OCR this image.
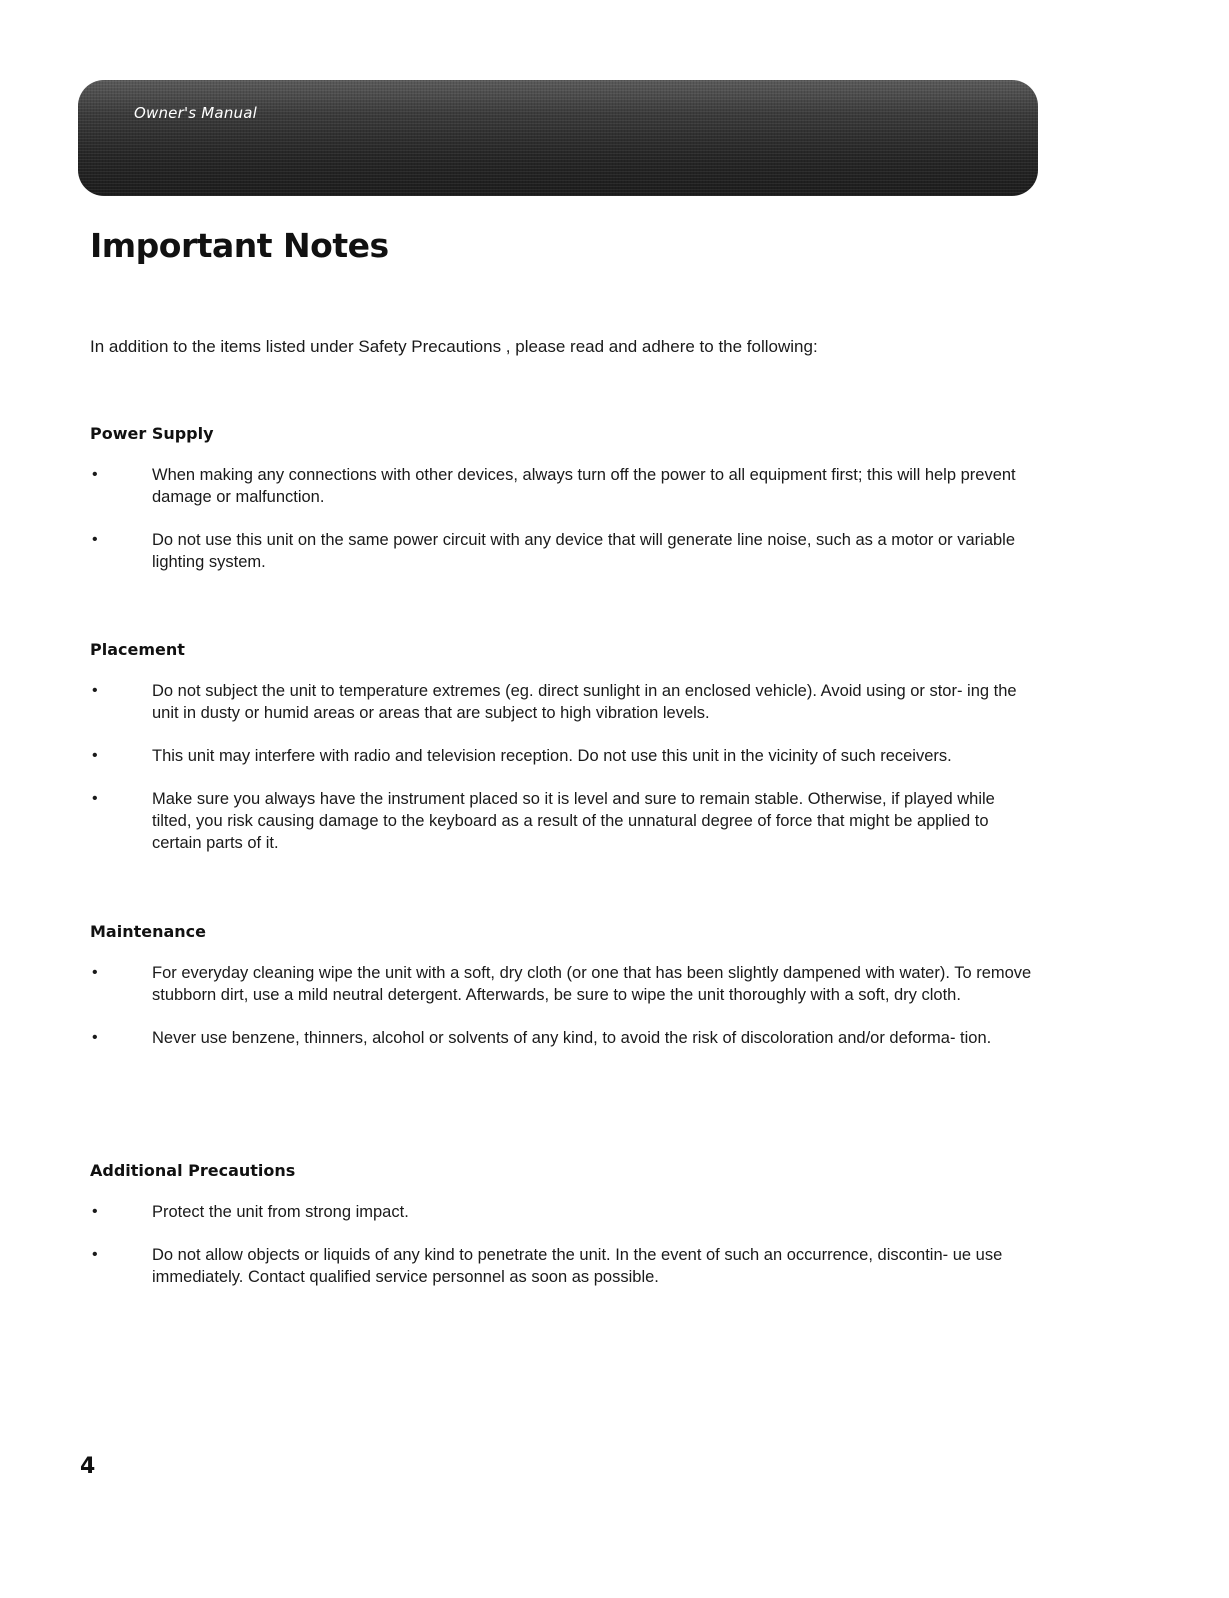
Owner's Manual
Important Notes

In addition to the items listed under Safety Precautions , please read and adhere to the following:

Power Supply
•	When making any connections with other devices, always turn off the power to all equipment first; this will help prevent damage or malfunction.
•	Do not use this unit on the same power circuit with any device that will generate line noise, such as a motor or variable lighting system.
Placement
•	Do not subject the unit to temperature extremes (eg. direct sunlight in an enclosed vehicle). Avoid using or stor- ing the unit in dusty or humid areas or areas that are subject to high vibration levels.
•	This unit may interfere with radio and television reception. Do not use this unit in the vicinity of such receivers.
•	Make sure you always have the instrument placed so it is level and sure to remain stable. Otherwise, if played while tilted, you risk causing damage to the keyboard as a result of the unnatural degree of force that might be applied to certain parts of it.
Maintenance
•	For everyday cleaning wipe the unit with a soft, dry cloth (or one that has been slightly dampened with water). To remove stubborn dirt, use a mild neutral detergent. Afterwards, be sure to wipe the unit thoroughly with a soft, dry cloth.
•	Never use benzene, thinners, alcohol or solvents of any kind, to avoid the risk of discoloration and/or deforma- tion.
Additional Precautions
•	Protect the unit from strong impact.
•	Do not allow objects or liquids of any kind to penetrate the unit. In the event of such an occurrence, discontin- ue use immediately. Contact qualified service personnel as soon as possible.
4
